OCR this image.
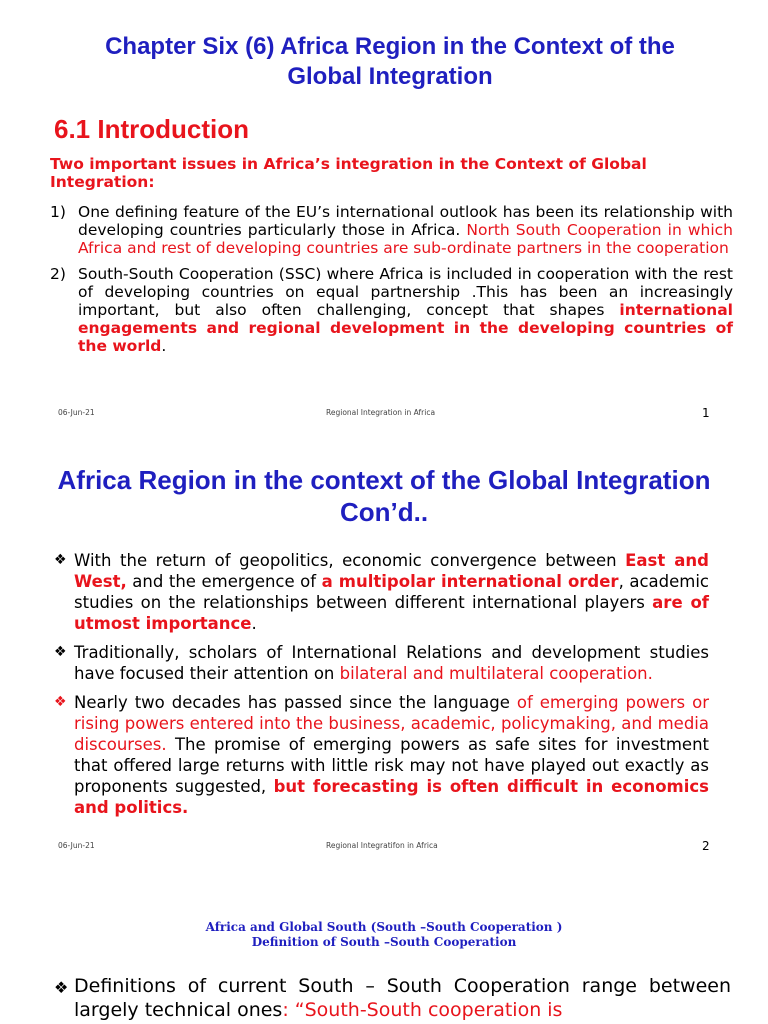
Chapter Six (6) Africa Region in the Context of the Global Integration
6.1 Introduction
Two important issues in Africa’s integration in the Context of Global Integration:
1) One defining feature of the EU’s international outlook has been its relationship with developing countries particularly those in Africa. North South Cooperation in which Africa and rest of developing countries are sub-ordinate partners in the cooperation
2) South-South Cooperation (SSC) where Africa is included in cooperation with the rest of developing countries on equal partnership .This has been an increasingly important, but also often challenging, concept that shapes international engagements and regional development in the developing countries of the world.
06-Jun-21	Regional Integration in Africa	1
Africa Region in the context of the Global Integration Con’d..
❖ With the return of geopolitics, economic convergence between East and West, and the emergence of a multipolar international order, academic studies on the relationships between different international players are of utmost importance.
❖ Traditionally, scholars of International Relations and development studies have focused their attention on bilateral and multilateral cooperation.
❖ Nearly two decades has passed since the language of emerging powers or rising powers entered into the business, academic, policymaking, and media discourses. The promise of emerging powers as safe sites for investment that offered large returns with little risk may not have played out exactly as proponents suggested, but forecasting is often difficult in economics and politics.
06-Jun-21	Regional Integratifon in Africa	2
Africa and Global South (South –South Cooperation )
Definition of South –South Cooperation
❖ Definitions of current South – South Cooperation range between largely technical ones: “South-South cooperation is
